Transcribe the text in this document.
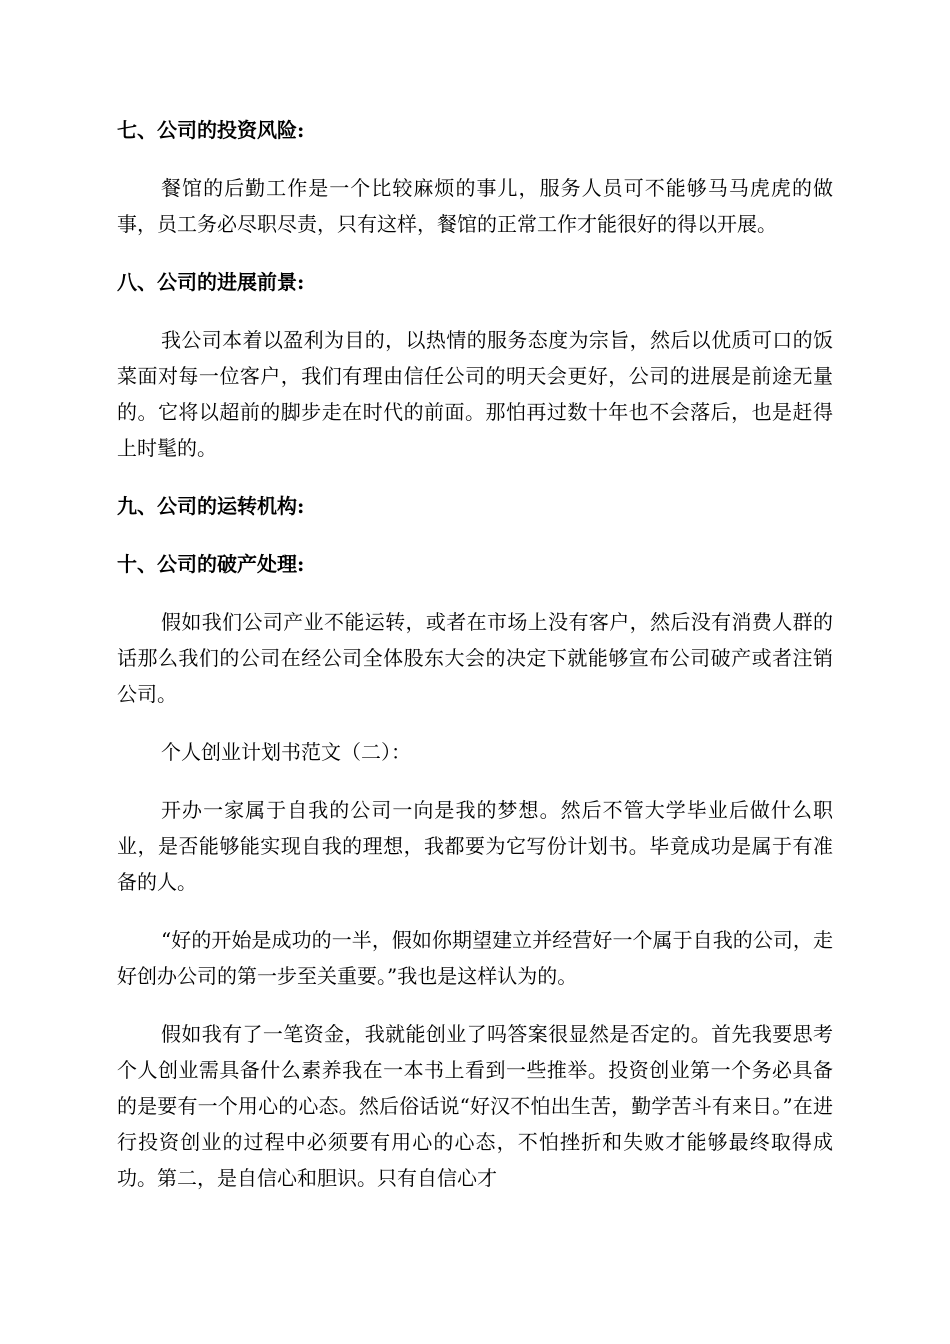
七、公司的投资风险:
餐馆的后勤工作是一个比较麻烦的事儿，服务人员可不能够马马虎虎的做事，员工务必尽职尽责，只有这样，餐馆的正常工作才能很好的得以开展。
八、公司的进展前景:
我公司本着以盈利为目的，以热情的服务态度为宗旨，然后以优质可口的饭菜面对每一位客户，我们有理由信任公司的明天会更好，公司的进展是前途无量的。它将以超前的脚步走在时代的前面。那怕再过数十年也不会落后，也是赶得上时髦的。
九、公司的运转机构:
十、公司的破产处理:
假如我们公司产业不能运转，或者在市场上没有客户，然后没有消费人群的话那么我们的公司在经公司全体股东大会的决定下就能够宣布公司破产或者注销公司。
个人创业计划书范文（二）：
开办一家属于自我的公司一向是我的梦想。然后不管大学毕业后做什么职业，是否能够能实现自我的理想，我都要为它写份计划书。毕竟成功是属于有准备的人。
“好的开始是成功的一半，假如你期望建立并经营好一个属于自我的公司，走好创办公司的第一步至关重要。”我也是这样认为的。
假如我有了一笔资金，我就能创业了吗答案很显然是否定的。首先我要思考个人创业需具备什么素养我在一本书上看到一些推举。投资创业第一个务必具备的是要有一个用心的心态。然后俗话说“好汉不怕出生苦，勤学苦斗有来日。”在进行投资创业的过程中必须要有用心的心态，不怕挫折和失败才能够最终取得成功。第二，是自信心和胆识。只有自信心才
